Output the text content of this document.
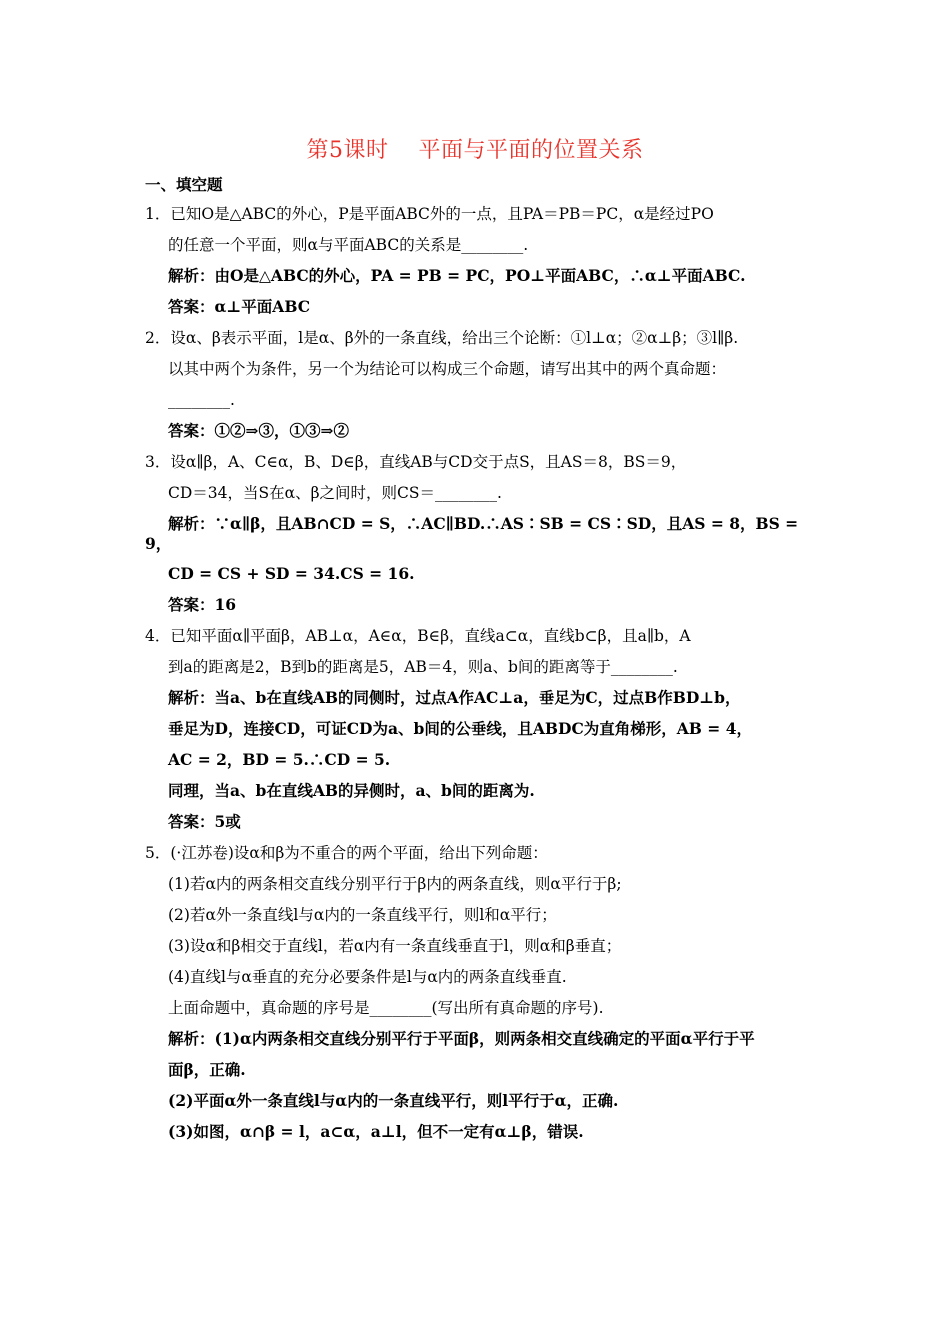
第5课时　 平面与平面的位置关系
一、填空题
1．已知O是△ABC的外心，P是平面ABC外的一点，且PA＝PB＝PC，α是经过PO
的任意一个平面，则α与平面ABC的关系是________.
解析：由O是△ABC的外心，PA = PB = PC，PO⊥平面ABC，∴α⊥平面ABC.
答案：α⊥平面ABC
2．设α、β表示平面，l是α、β外的一条直线，给出三个论断：①l⊥α；②α⊥β；③l∥β.
以其中两个为条件，另一个为结论可以构成三个命题，请写出其中的两个真命题：
________.
答案：①②⇒③，①③⇒②
3．设α∥β，A、C∈α，B、D∈β，直线AB与CD交于点S，且AS＝8，BS＝9，
CD＝34，当S在α、β之间时，则CS＝________.
解析：∵α∥β，且AB∩CD = S，∴AC∥BD.∴AS∶SB = CS∶SD，且AS = 8，BS =
9，
CD = CS + SD = 34.CS = 16.
答案：16
4．已知平面α∥平面β，AB⊥α，A∈α，B∈β，直线a⊂α，直线b⊂β，且a∥b，A
到a的距离是2，B到b的距离是5，AB＝4，则a、b间的距离等于________.
解析：当a、b在直线AB的同侧时，过点A作AC⊥a，垂足为C，过点B作BD⊥b，
垂足为D，连接CD，可证CD为a、b间的公垂线，且ABDC为直角梯形，AB = 4，
AC = 2，BD = 5.∴CD = 5.
同理，当a、b在直线AB的异侧时，a、b间的距离为.
答案：5或
5．(·江苏卷)设α和β为不重合的两个平面，给出下列命题：
(1)若α内的两条相交直线分别平行于β内的两条直线，则α平行于β;
(2)若α外一条直线l与α内的一条直线平行，则l和α平行；
(3)设α和β相交于直线l，若α内有一条直线垂直于l，则α和β垂直；
(4)直线l与α垂直的充分必要条件是l与α内的两条直线垂直.
上面命题中，真命题的序号是________(写出所有真命题的序号).
解析：(1)α内两条相交直线分别平行于平面β，则两条相交直线确定的平面α平行于平
面β，正确.
(2)平面α外一条直线l与α内的一条直线平行，则l平行于α，正确.
(3)如图，α∩β = l，a⊂α，a⊥l，但不一定有α⊥β，错误.
